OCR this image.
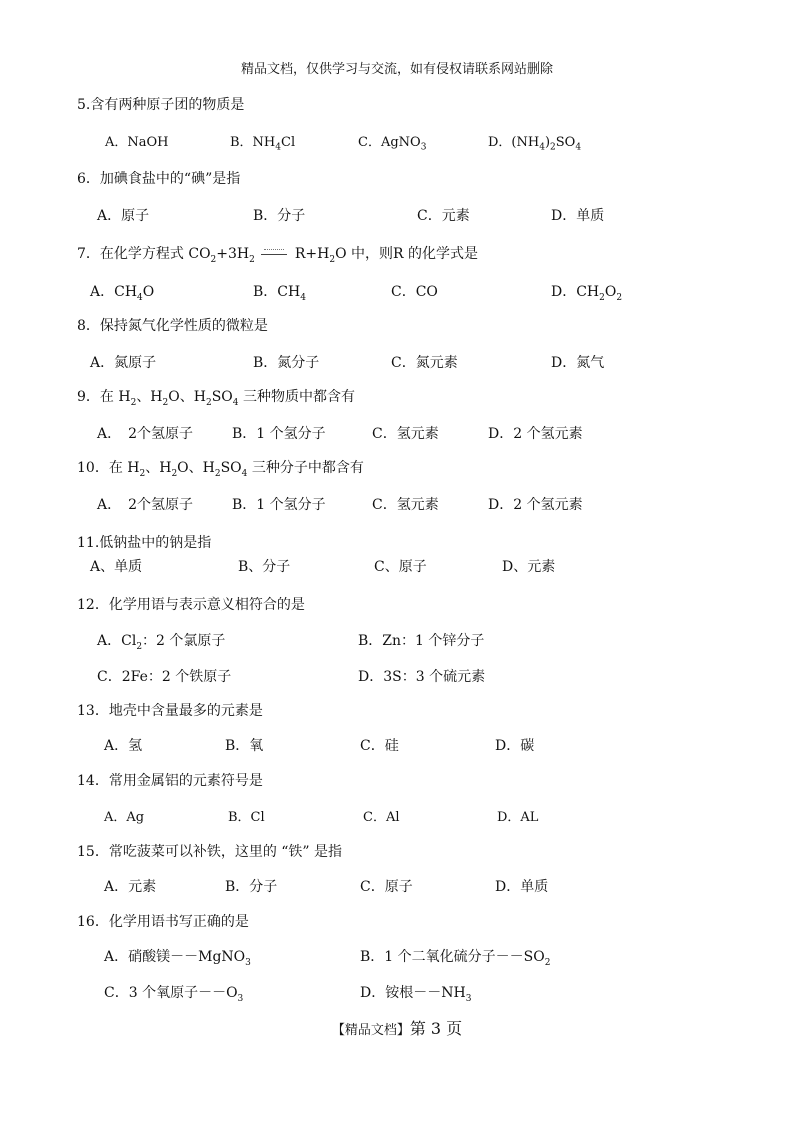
精品文档，仅供学习与交流，如有侵权请联系网站删除
5.含有两种原子团的物质是
A．NaOH	B．$NH_4Cl$	C．AgNO$_3$	D．$(NH_4)_2SO_4$
6．加碘食盐中的“碘”是指
A．原子	B．分子	C．元素	D．单质
7．在化学方程式 $CO_2+3H_2$	$R+H_2O$ 中，则R 的化学式是
A．$CH_4O$	B．$CH_4$	C．CO	D．$CH_2O_2$
8．保持氮气化学性质的微粒是
A．氮原子	B．氮分子	C．氮元素	D．氮气
9．在 $H_2$、$H_2O$、$H_2SO_4$ 三种物质中都含有
A．　2个氢原子	B．1 个氢分子	C．氢元素	D．2 个氢元素
10．在 $H_2$、$H_2O$、$H_2SO_4$ 三种分子中都含有
A．　2个氢原子	B．1 个氢分子	C．氢元素	D．2 个氢元素
11.低钠盐中的钠是指
A、单质	B、分子	C、原子	D、元素
12．化学用语与表示意义相符合的是
A．$Cl_2$：2 个氯原子	B．Zn：1 个锌分子
C．2Fe：2 个铁原子	D．3S：3 个硫元素
13．地壳中含量最多的元素是
A．氢	B．氧	C．硅	D．碳
14．常用金属铝的元素符号是
A．Ag	B．Cl	C．Al	D．AL
15．常吃菠菜可以补铁，这里的 “铁” 是指
A．元素	B．分子	C．原子	D．单质
16．化学用语书写正确的是
A．硝酸镁－－MgNO$_3$	B．1 个二氧化硫分子$--SO_2$
C．3 个氧原子$--O_3$	D．铵根$--NH_3$
【精品文档】第 3 页
